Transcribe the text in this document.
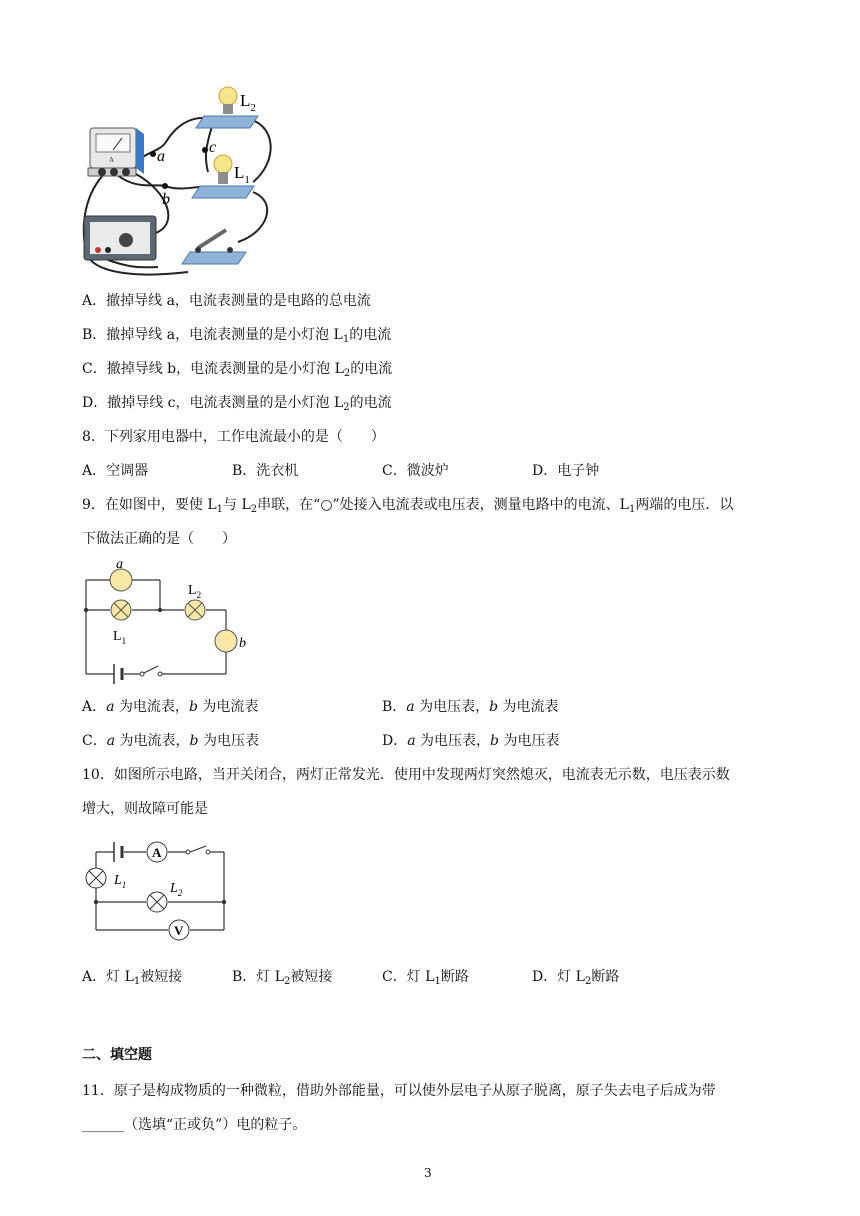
A	a
b
c
$L_2$
$L_1$
A．撤掉导线 a，电流表测量的是电路的总电流
B．撤掉导线 a，电流表测量的是小灯泡 $L_1$的电流
C．撤掉导线 b，电流表测量的是小灯泡 $L_2$的电流
D．撤掉导线 c，电流表测量的是小灯泡 $L_2$的电流
8．下列家用电器中，工作电流最小的是（　　）
A．空调器	B．洗衣机	C．微波炉	D．电子钟
9．在如图中，要使 $L_1$与 $L_2$串联，在“○”处接入电流表或电压表，测量电路中的电流、$L_1$两端的电压．以
下做法正确的是（　　）
a
b
$L_1$
$L_2$
A．a 为电流表，b 为电流表	B．a 为电压表，b 为电流表
C．a 为电流表，b 为电压表	D．a 为电压表，b 为电压表
10．如图所示电路，当开关闭合，两灯正常发光．使用中发现两灯突然熄灭，电流表无示数，电压表示数
增大，则故障可能是
A
V
$L_1$	$L_2$
A．灯 $L_1$被短接	B．灯 $L_2$被短接	C．灯 $L_1$断路	D．灯 $L_2$断路
二、填空题
11．原子是构成物质的一种微粒，借助外部能量，可以使外层电子从原子脱离，原子失去电子后成为带
______（选填“正或负”）电的粒子。
3
